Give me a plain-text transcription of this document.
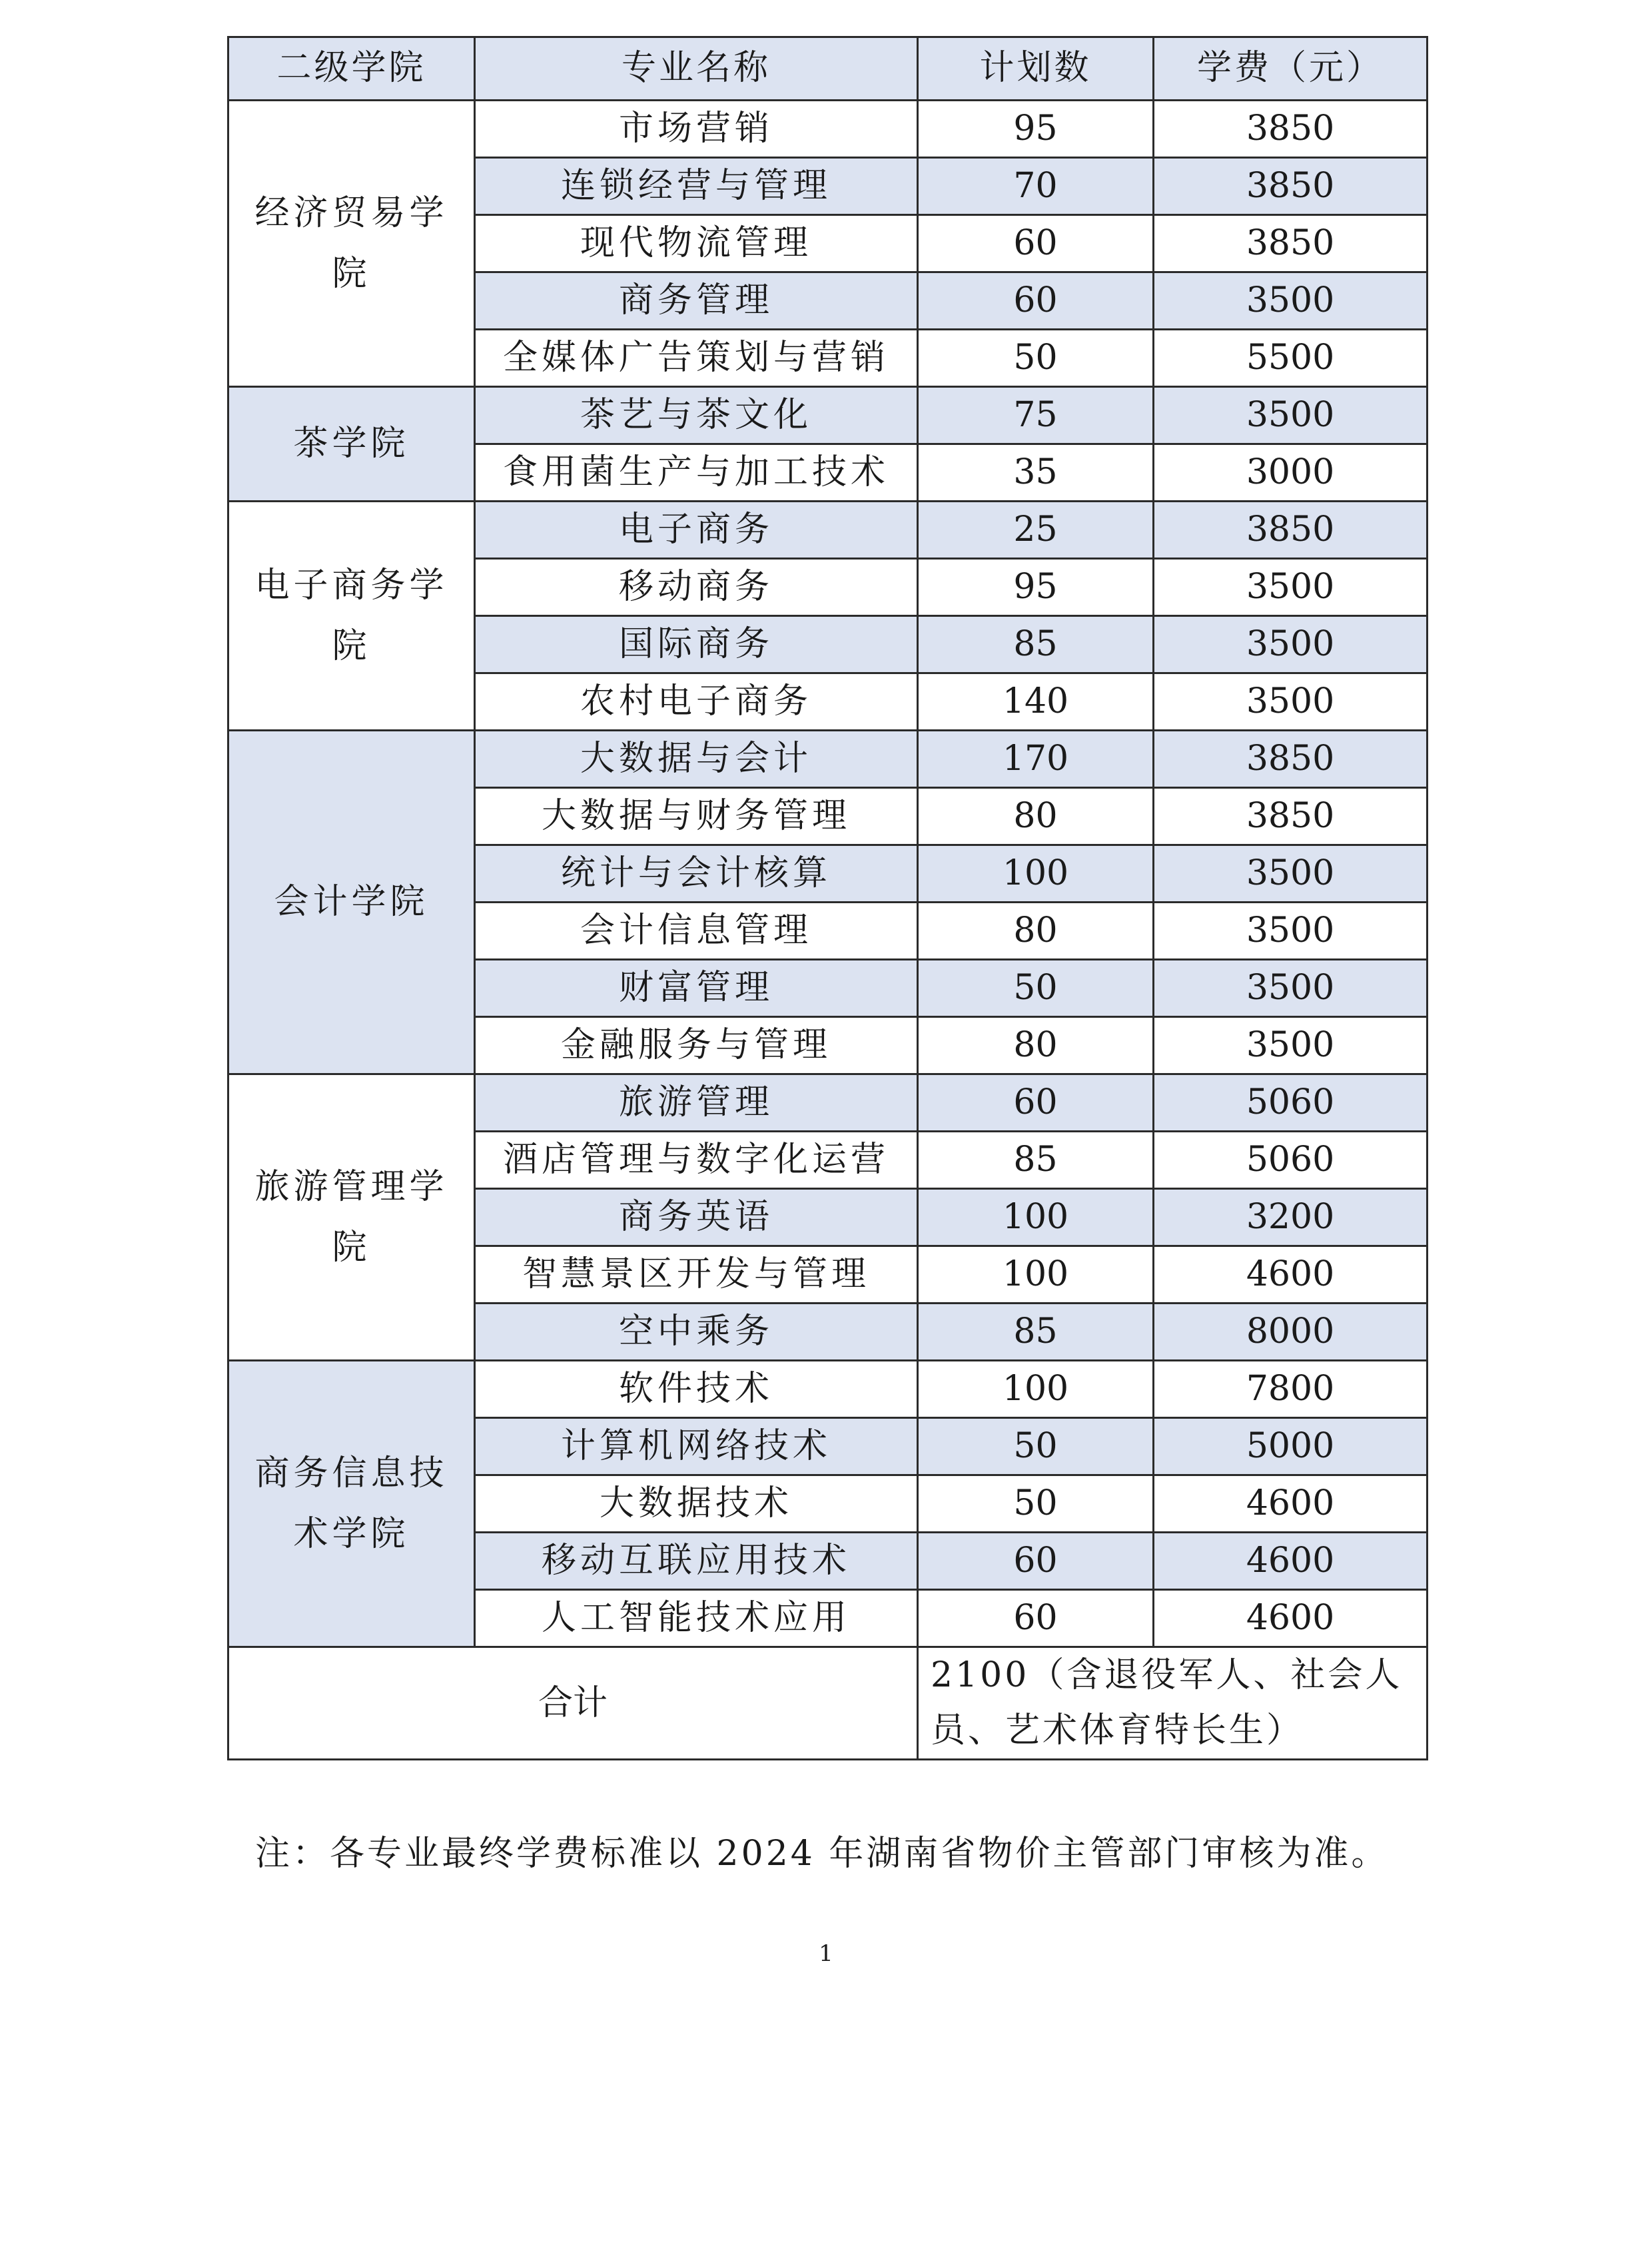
二级学院	专业名称	计划数	学费（元）
经济贸易学院	市场营销	95	3850
	连锁经营与管理	70	3850
	现代物流管理	60	3850
	商务管理	60	3500
	全媒体广告策划与营销	50	5500
茶学院	茶艺与茶文化	75	3500
	食用菌生产与加工技术	35	3000
电子商务学院	电子商务	25	3850
	移动商务	95	3500
	国际商务	85	3500
	农村电子商务	140	3500
会计学院	大数据与会计	170	3850
	大数据与财务管理	80	3850
	统计与会计核算	100	3500
	会计信息管理	80	3500
	财富管理	50	3500
	金融服务与管理	80	3500
旅游管理学院	旅游管理	60	5060
	酒店管理与数字化运营	85	5060
	商务英语	100	3200
	智慧景区开发与管理	100	4600
	空中乘务	85	8000
商务信息技术学院	软件技术	100	7800
	计算机网络技术	50	5000
	大数据技术	50	4600
	移动互联应用技术	60	4600
	人工智能技术应用	60	4600
合计		2100（含退役军人、社会人员、艺术体育特长生）	
注：各专业最终学费标准以 2024 年湖南省物价主管部门审核为准。
1
